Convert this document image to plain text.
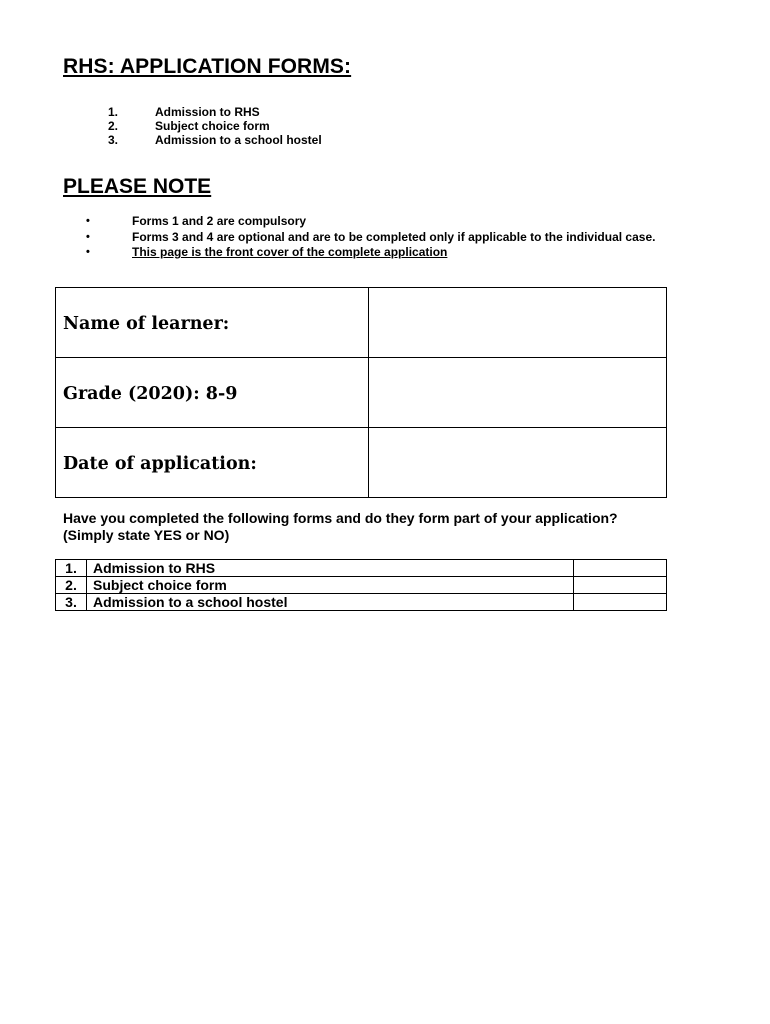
RHS: APPLICATION FORMS:
1.	Admission to RHS
2.	Subject choice form
3.	Admission to a school hostel
PLEASE NOTE
•	Forms 1 and 2 are compulsory
•	Forms 3 and 4 are optional and are to be completed only if applicable to the individual case.
•	This page is the front cover of the complete application
Name of learner:	
Grade (2020): 8-9	
Date of application:	

Have you completed the following forms and do they form part of your application?
(Simply state YES or NO)

1.	Admission to RHS	
2.	Subject choice form	
3.	Admission to a school hostel	
